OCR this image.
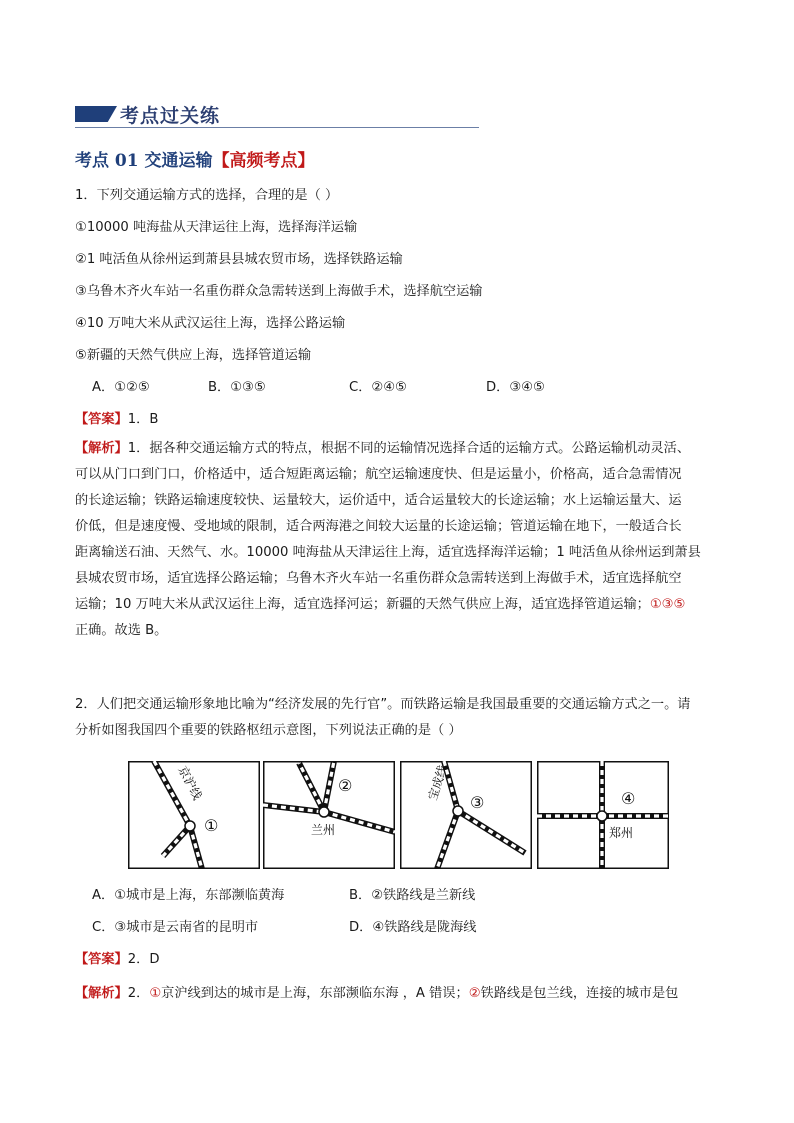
考点过关练
考点 01 交通运输【高频考点】
1．下列交通运输方式的选择，合理的是（ ）
①10000 吨海盐从天津运往上海，选择海洋运输
②1 吨活鱼从徐州运到萧县县城农贸市场，选择铁路运输
③乌鲁木齐火车站一名重伤群众急需转送到上海做手术，选择航空运输
④10 万吨大米从武汉运往上海，选择公路运输
⑤新疆的天然气供应上海，选择管道运输
A．①②⑤	B．①③⑤	C．②④⑤	D．③④⑤
【答案】1．B
【解析】1．据各种交通运输方式的特点，根据不同的运输情况选择合适的运输方式。公路运输机动灵活、
可以从门口到门口，价格适中，适合短距离运输；航空运输速度快、但是运量小，价格高，适合急需情况
的长途运输；铁路运输速度较快、运量较大，运价适中，适合运量较大的长途运输；水上运输运量大、运
价低，但是速度慢、受地域的限制，适合两海港之间较大运量的长途运输；管道运输在地下，一般适合长
距离输送石油、天然气、水。10000 吨海盐从天津运往上海，适宜选择海洋运输；1 吨活鱼从徐州运到萧县
县城农贸市场，适宜选择公路运输；乌鲁木齐火车站一名重伤群众急需转送到上海做手术，适宜选择航空
运输；10 万吨大米从武汉运往上海，适宜选择河运；新疆的天然气供应上海，适宜选择管道运输；①③⑤
正确。故选 B。
2．人们把交通运输形象地比喻为“经济发展的先行官”。而铁路运输是我国最重要的交通运输方式之一。请
分析如图我国四个重要的铁路枢纽示意图，下列说法正确的是（ ）
①
京沪线	②
兰州
③
宝成线	④
郑州
A．①城市是上海，东部濒临黄海	B．②铁路线是兰新线
C．③城市是云南省的昆明市	D．④铁路线是陇海线
【答案】2．D
【解析】2．①京沪线到达的城市是上海，东部濒临东海 ，A 错误；②铁路线是包兰线，连接的城市是包
